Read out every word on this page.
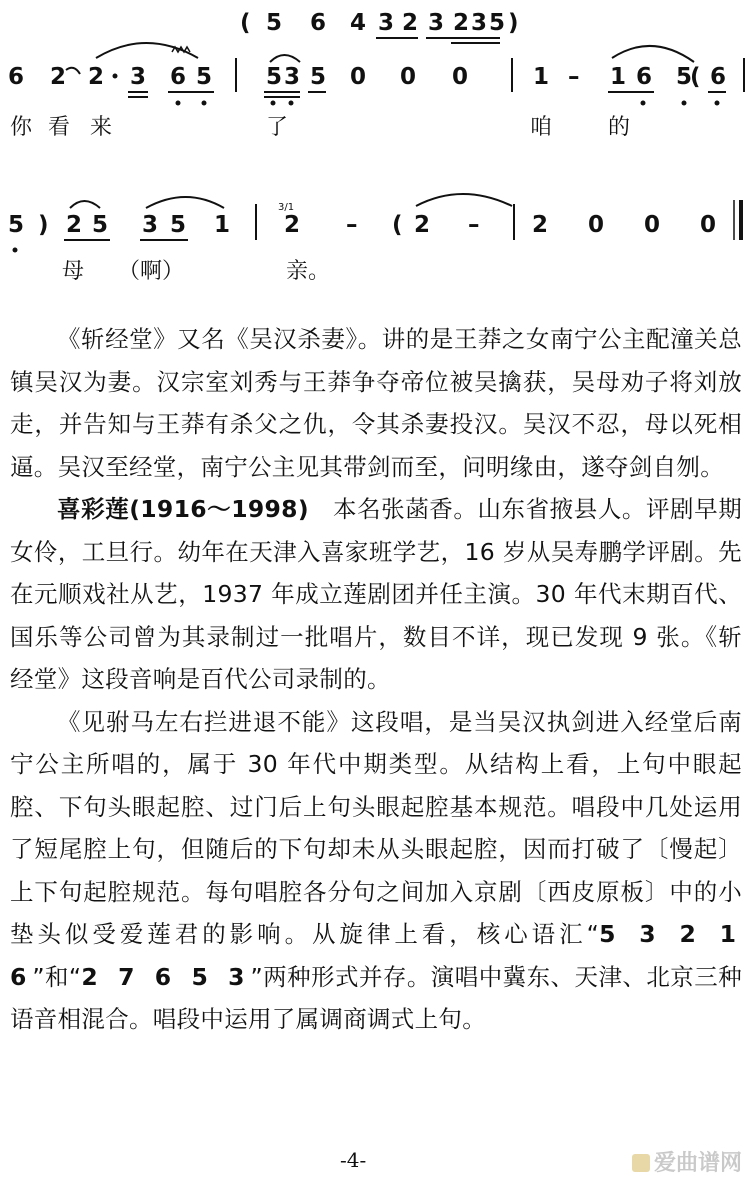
( 5 6 4 3 2 3 2 3 5 )
6 2 2 3 6 5 5 3 5 0 0 0	1 – 1 6 5
( 6
你 看 来	了	咱	的
5 ) 2 5 3 5 1
3/1
2 – ( 2 – 2 0 0 0
母 （啊）	亲。

《斩经堂》又名《吴汉杀妻》。讲的是王莽之女南宁公主配潼关总镇吴汉为妻。汉宗室刘秀与王莽争夺帝位被吴擒获，吴母劝子将刘放走，并告知与王莽有杀父之仇，令其杀妻投汉。吴汉不忍，母以死相逼。吴汉至经堂，南宁公主见其带剑而至，问明缘由，遂夺剑自刎。

喜彩莲(1916～1998) 本名张菡香。山东省掖县人。评剧早期女伶，工旦行。幼年在天津入喜家班学艺，16 岁从吴寿鹏学评剧。先在元顺戏社从艺，1937 年成立莲剧团并任主演。30 年代末期百代、国乐等公司曾为其录制过一批唱片，数目不详，现已发现 9 张。《斩经堂》这段音响是百代公司录制的。

《见驸马左右拦进退不能》这段唱，是当吴汉执剑进入经堂后南宁公主所唱的，属于 30 年代中期类型。从结构上看，上句中眼起腔、下句头眼起腔、过门后上句头眼起腔基本规范。唱段中几处运用了短尾腔上句，但随后的下句却未从头眼起腔，因而打破了〔慢起〕上下句起腔规范。每句唱腔各分句之间加入京剧〔西皮原板〕中的小垫头似受爱莲君的影响。从旋律上看，核心语汇“5 3 2 1 6”和“2 7 6 5 3”两种形式并存。演唱中冀东、天津、北京三种语音相混合。唱段中运用了属调商调式上句。

-4-	爱曲谱网
